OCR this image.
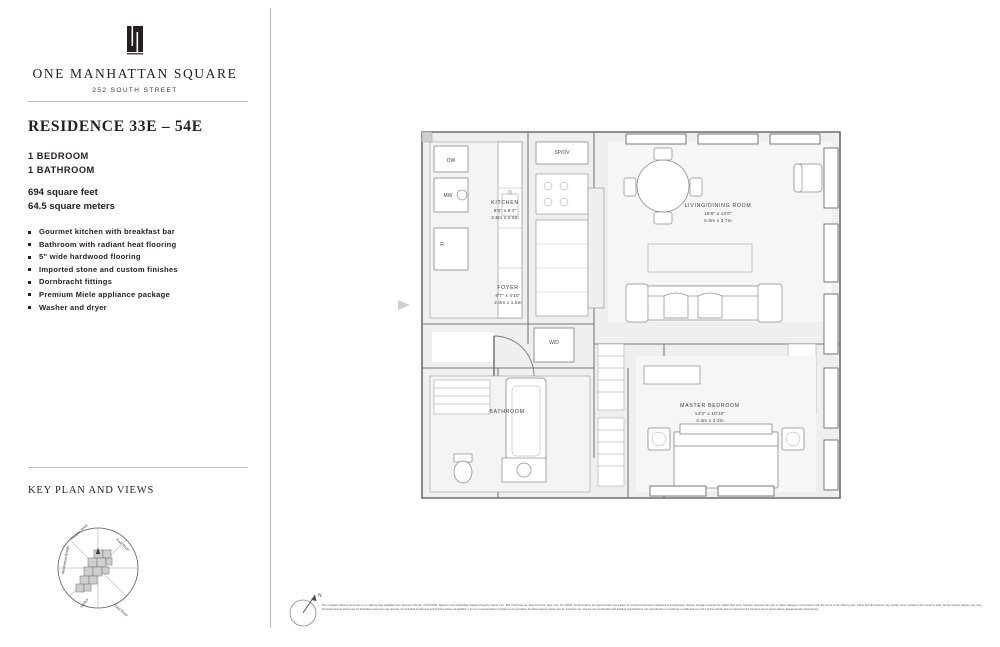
ONE MANHATTAN SQUARE
252 SOUTH STREET
RESIDENCE 33E – 54E
1 BEDROOM
1 BATHROOM
694 square feet
64.5 square meters
Gourmet kitchen with breakfast bar
Bathroom with radiant heat flooring
5" wide hardwood flooring
Imported stone and custom finishes
Dornbracht fittings
Premium Miele appliance package
Washer and dryer
KEY PLAN AND VIEWS
Hudson River
East River
Manhattan Bridge
Harbor
East River
DW
MW
R
SP/OV
W/D
KITCHEN
8'4" x 8'4"
2.5m x 2.5m
FOYER
6'7" x 4'10"
2.0m x 1.5m
LIVING/DINING ROOM
16'6" x 12'0"
5.0m x 3.7m
MASTER BEDROOM
14'3" x 10'10"
4.3m x 3.3m
BATHROOM
N
The complete offering terms are in an offering plan available from Sponsor. File No. CD15-0185. Sponsor: One Manhattan Square Property Owner LLC, 805 Third Avenue, Seventh Floor, New York, NY 10022. All dimensions are approximate and subject to normal construction variances and tolerances. Square footage exceeds the usable floor area. Sponsor reserves the right to make changes in accordance with the terms of the offering plan. Plans and dimensions may contain minor variations from level to level. All the window passes may vary. Furniture layouts shown are for illustration purposes only and are not included. Appliances and finishes shown as Exhibits, it is not a representation of what is to be provided. Furniture layouts shown are for example only and are not coordinated with building specifications. No reproduction or rendering is made about a Unit's Owner will be able to implement the furniture layout shown above. Equal Housing Opportunity.
